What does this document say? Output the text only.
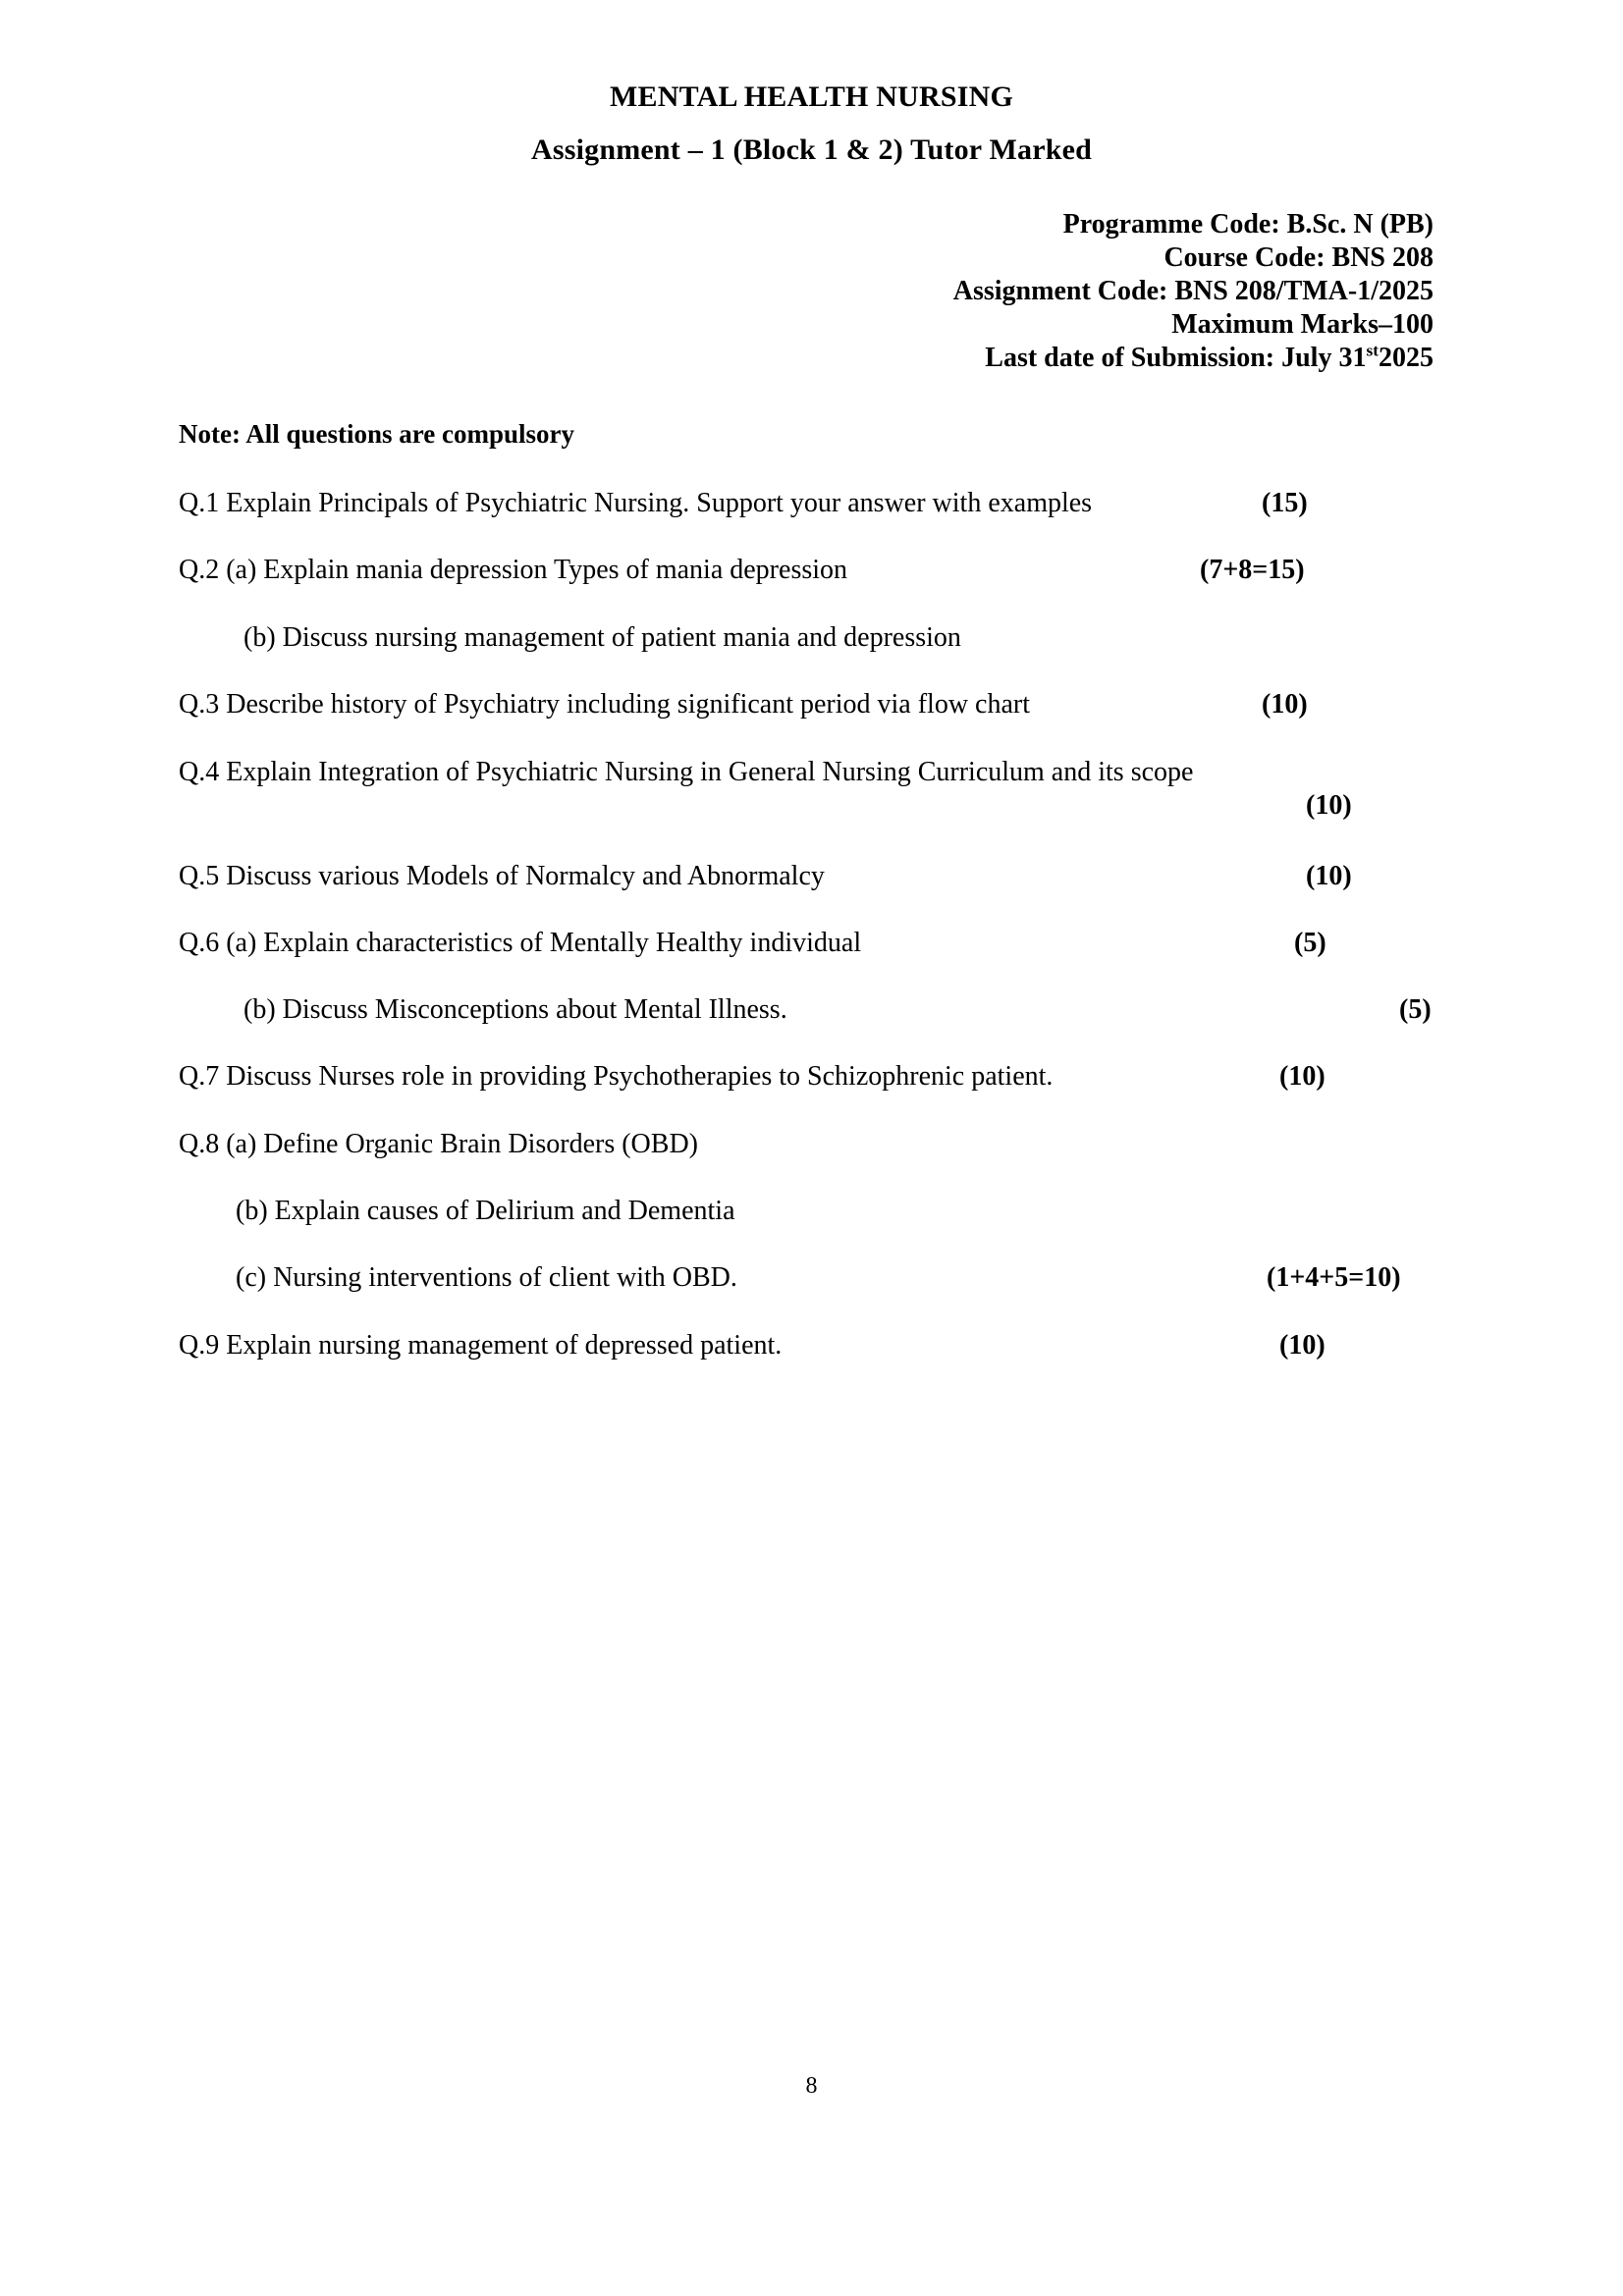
MENTAL HEALTH NURSING
Assignment – 1 (Block 1 & 2) Tutor Marked
Programme Code: B.Sc. N (PB)
Course Code: BNS 208
Assignment Code: BNS 208/TMA-1/2025
Maximum Marks–100
Last date of Submission: July 31st2025
Note: All questions are compulsory
Q.1 Explain Principals of Psychiatric Nursing. Support your answer with examples	(15)
Q.2 (a) Explain mania depression Types of mania depression	(7+8=15)
(b) Discuss nursing management of patient mania and depression
Q.3 Describe history of Psychiatry including significant period via flow chart	(10)
Q.4 Explain Integration of Psychiatric Nursing in General Nursing Curriculum and its scope
(10)
Q.5 Discuss various Models of Normalcy and Abnormalcy	(10)
Q.6 (a) Explain characteristics of Mentally Healthy individual	(5)
(b) Discuss Misconceptions about Mental Illness.	(5)
Q.7 Discuss Nurses role in providing Psychotherapies to Schizophrenic patient.	(10)
Q.8 (a) Define Organic Brain Disorders (OBD)
(b) Explain causes of Delirium and Dementia
(c) Nursing interventions of client with OBD.	(1+4+5=10)
Q.9 Explain nursing management of depressed patient.	(10)
8
